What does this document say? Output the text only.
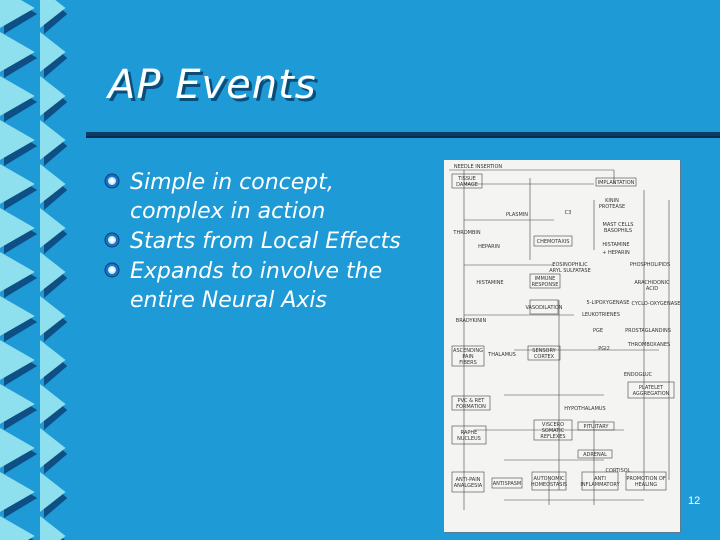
AP Events
Simple in concept, complex in action
Starts from Local Effects
Expands to involve the entire Neural Axis
NEEDLE INSERTION
TISSUE
DAMAGE	IMPLANTATION
KININ
PROTEASE
PLASMIN	C3
MAST CELLS
BASOPHILS
THROMBIN
HEPARIN	HISTAMINE
+ HEPARIN
CHEMOTAXIS
EOSINOPHILIC
ARYL SULFATASE
PHOSPHOLIPIDS
HISTAMINE
IMMUNE
RESPONSE	ARACHIDONIC
ACID
5-LIPOXYGENASE CYCLO-OXYGENASE
BRADYKININ
VASODILATION
LEUKOTRIENES
PROSTAGLANDINS
THROMBOXANES
PGE
PGI2
ASCENDING
PAIN
FIBERS
THALAMUS
SENSORY
CORTEX
ENDOGLUC
PLATELET
AGGREGATION
PVC & RET
FORMATION	HYPOTHALAMUS
VISCERO
SOMATIC
REFLEXES
RAPHE
NUCLEUS
PITUITARY
ADRENAL
CORTISOL
ANTI-PAIN
ANALGESIA ANTISPASM
AUTONOMIC
HOMEOSTASIS
ANTI
INFLAMMATORY
PROMOTION OF
HEALING
12
